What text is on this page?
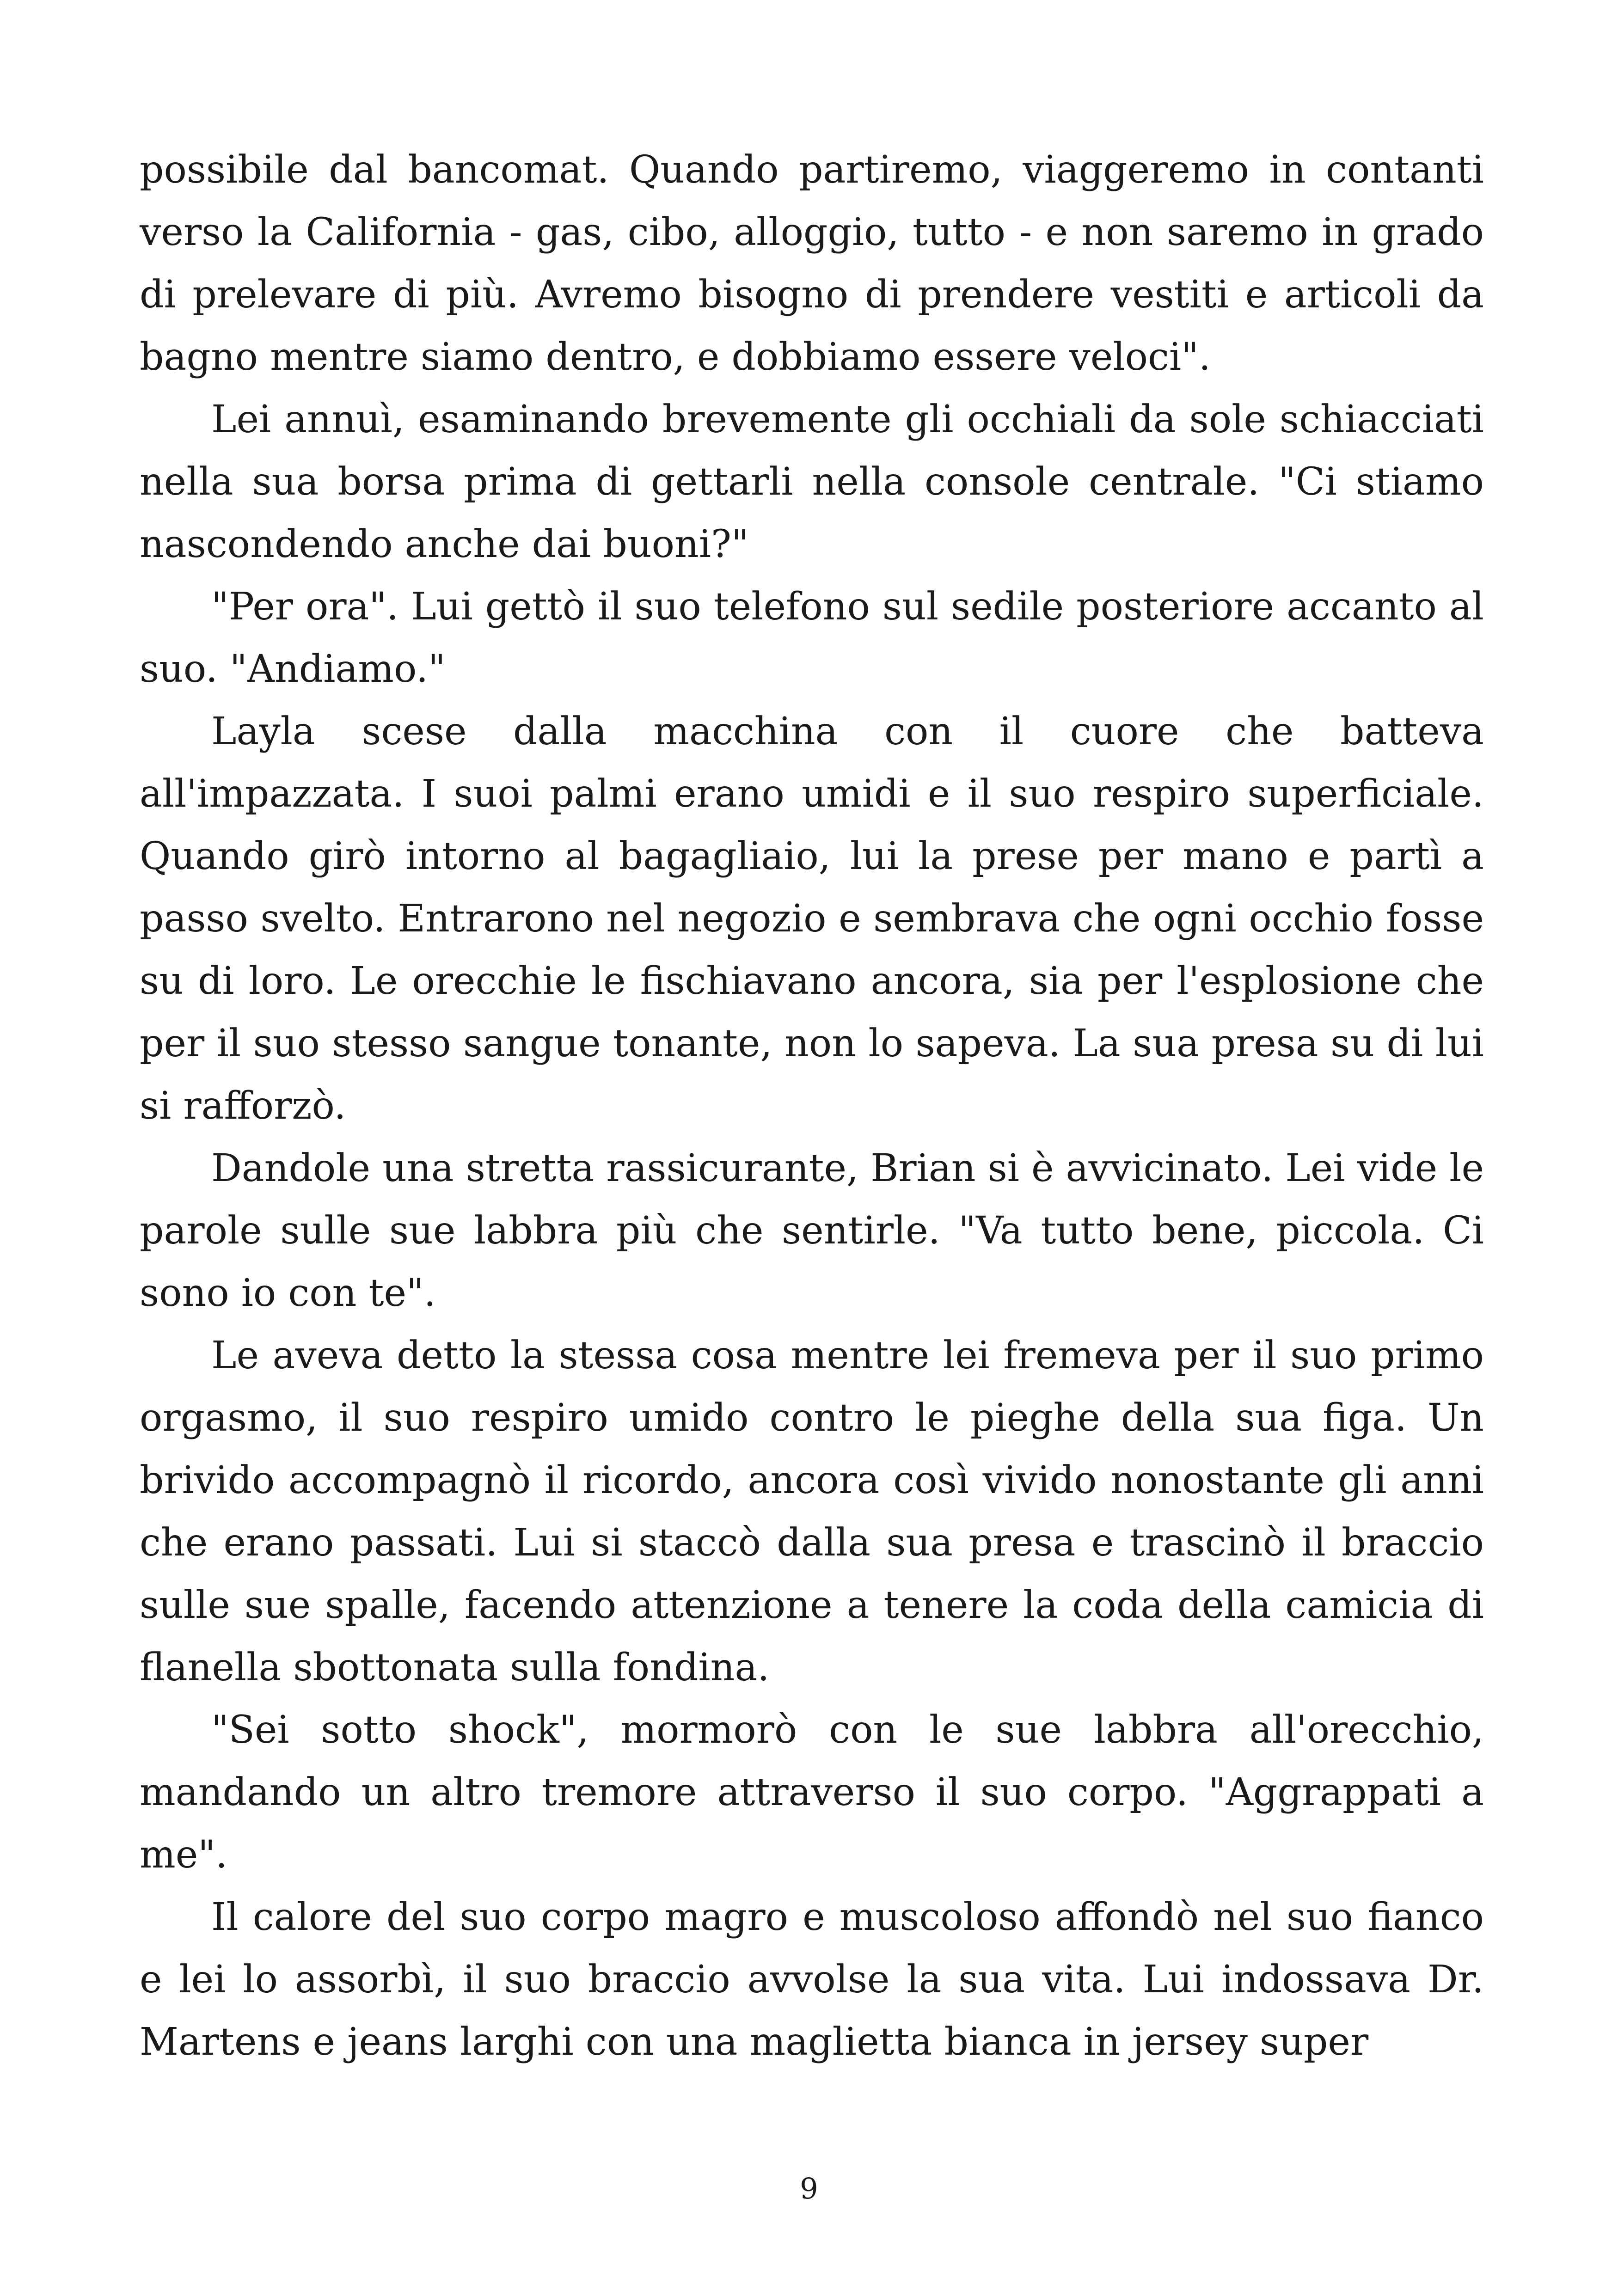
possibile dal bancomat. Quando partiremo, viaggeremo in contanti verso la California - gas, cibo, alloggio, tutto - e non saremo in grado di prelevare di più. Avremo bisogno di prendere vestiti e articoli da bagno mentre siamo dentro, e dobbiamo essere veloci".

Lei annuì, esaminando brevemente gli occhiali da sole schiacciati nella sua borsa prima di gettarli nella console centrale. "Ci stiamo nascondendo anche dai buoni?"

"Per ora". Lui gettò il suo telefono sul sedile posteriore accanto al suo. "Andiamo."

Layla scese dalla macchina con il cuore che batteva all'impazzata. I suoi palmi erano umidi e il suo respiro superficiale. Quando girò intorno al bagagliaio, lui la prese per mano e partì a passo svelto. Entrarono nel negozio e sembrava che ogni occhio fosse su di loro. Le orecchie le fischiavano ancora, sia per l'esplosione che per il suo stesso sangue tonante, non lo sapeva. La sua presa su di lui si rafforzò.

Dandole una stretta rassicurante, Brian si è avvicinato. Lei vide le parole sulle sue labbra più che sentirle. "Va tutto bene, piccola. Ci sono io con te".

Le aveva detto la stessa cosa mentre lei fremeva per il suo primo orgasmo, il suo respiro umido contro le pieghe della sua figa. Un brivido accompagnò il ricordo, ancora così vivido nonostante gli anni che erano passati. Lui si staccò dalla sua presa e trascinò il braccio sulle sue spalle, facendo attenzione a tenere la coda della camicia di flanella sbottonata sulla fondina.

"Sei sotto shock", mormorò con le sue labbra all'orecchio, mandando un altro tremore attraverso il suo corpo. "Aggrappati a me".

Il calore del suo corpo magro e muscoloso affondò nel suo fianco e lei lo assorbì, il suo braccio avvolse la sua vita. Lui indossava Dr. Martens e jeans larghi con una maglietta bianca in jersey super

9
